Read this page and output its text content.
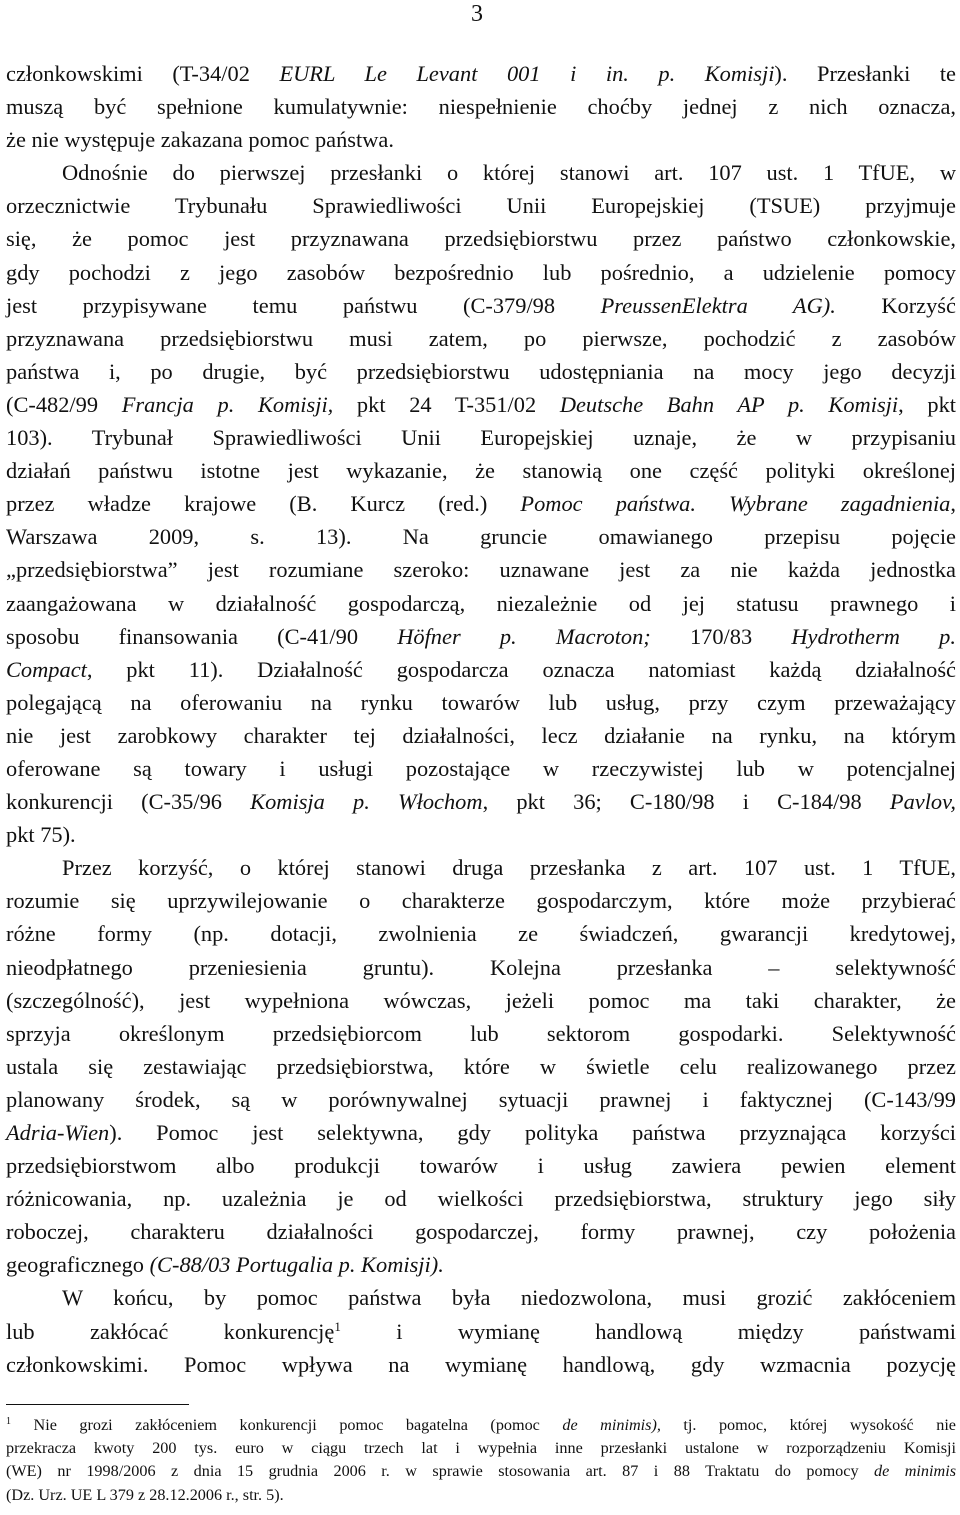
3
członkowskimi (T-34/02 EURL Le Levant 001 i in. p. Komisji). Przesłanki te
muszą być spełnione kumulatywnie: niespełnienie choćby jednej z nich oznacza,
że nie występuje zakazana pomoc państwa.
Odnośnie do pierwszej przesłanki o której stanowi art. 107 ust. 1 TfUE, w
orzecznictwie Trybunału Sprawiedliwości Unii Europejskiej (TSUE) przyjmuje
się, że pomoc jest przyznawana przedsiębiorstwu przez państwo członkowskie,
gdy pochodzi z jego zasobów bezpośrednio lub pośrednio, a udzielenie pomocy
jest przypisywane temu państwu (C-379/98 PreussenElektra AG). Korzyść
przyznawana przedsiębiorstwu musi zatem, po pierwsze, pochodzić z zasobów
państwa i, po drugie, być przedsiębiorstwu udostępniania na mocy jego decyzji
(C-482/99 Francja p. Komisji, pkt 24 T-351/02 Deutsche Bahn AP p. Komisji, pkt
103). Trybunał Sprawiedliwości Unii Europejskiej uznaje, że w przypisaniu
działań państwu istotne jest wykazanie, że stanowią one część polityki określonej
przez władze krajowe (B. Kurcz (red.) Pomoc państwa. Wybrane zagadnienia,
Warszawa 2009, s. 13). Na gruncie omawianego przepisu pojęcie
„przedsiębiorstwa” jest rozumiane szeroko: uznawane jest za nie każda jednostka
zaangażowana w działalność gospodarczą, niezależnie od jej statusu prawnego i
sposobu finansowania (C-41/90 Höfner p. Macroton; 170/83 Hydrotherm p.
Compact, pkt 11). Działalność gospodarcza oznacza natomiast każdą działalność
polegającą na oferowaniu na rynku towarów lub usług, przy czym przeważający
nie jest zarobkowy charakter tej działalności, lecz działanie na rynku, na którym
oferowane są towary i usługi pozostające w rzeczywistej lub w potencjalnej
konkurencji (C-35/96 Komisja p. Włochom, pkt 36; C-180/98 i C-184/98 Pavlov,
pkt 75).
Przez korzyść, o której stanowi druga przesłanka z art. 107 ust. 1 TfUE,
rozumie się uprzywilejowanie o charakterze gospodarczym, które może przybierać
różne formy (np. dotacji, zwolnienia ze świadczeń, gwarancji kredytowej,
nieodpłatnego przeniesienia gruntu). Kolejna przesłanka – selektywność
(szczególność), jest wypełniona wówczas, jeżeli pomoc ma taki charakter, że
sprzyja określonym przedsiębiorcom lub sektorom gospodarki. Selektywność
ustala się zestawiając przedsiębiorstwa, które w świetle celu realizowanego przez
planowany środek, są w porównywalnej sytuacji prawnej i faktycznej (C-143/99
Adria-Wien). Pomoc jest selektywna, gdy polityka państwa przyznająca korzyści
przedsiębiorstwom albo produkcji towarów i usług zawiera pewien element
różnicowania, np. uzależnia je od wielkości przedsiębiorstwa, struktury jego siły
roboczej, charakteru działalności gospodarczej, formy prawnej, czy położenia
geograficznego (C-88/03 Portugalia p. Komisji).
W końcu, by pomoc państwa była niedozwolona, musi grozić zakłóceniem
lub zakłócać konkurencję$^1$ i wymianę handlową między państwami
członkowskimi. Pomoc wpływa na wymianę handlową, gdy wzmacnia pozycję
$^1$ Nie grozi zakłóceniem konkurencji pomoc bagatelna (pomoc de minimis), tj. pomoc, której wysokość nie
przekracza kwoty 200 tys. euro w ciągu trzech lat i wypełnia inne przesłanki ustalone w rozporządzeniu Komisji
(WE) nr 1998/2006 z dnia 15 grudnia 2006 r. w sprawie stosowania art. 87 i 88 Traktatu do pomocy de minimis
(Dz. Urz. UE L 379 z 28.12.2006 r., str. 5).
